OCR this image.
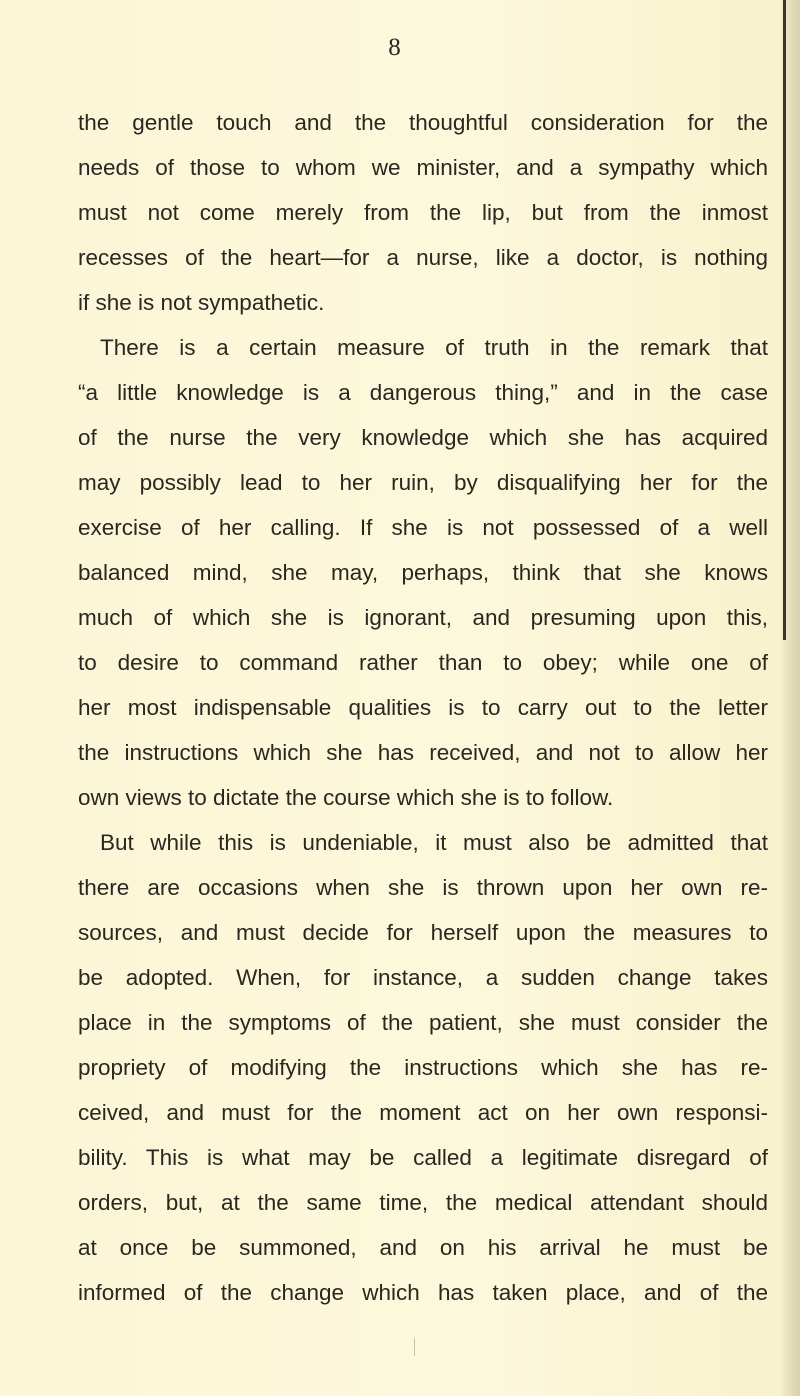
8
the gentle touch and the thoughtful consideration for the
needs of those to whom we minister, and a sympathy which
must not come merely from the lip, but from the inmost
recesses of the heart—for a nurse, like a doctor, is nothing
if she is not sympathetic.
There is a certain measure of truth in the remark that
“a little knowledge is a dangerous thing,” and in the case
of the nurse the very knowledge which she has acquired
may possibly lead to her ruin, by disqualifying her for the
exercise of her calling. If she is not possessed of a well
balanced mind, she may, perhaps, think that she knows
much of which she is ignorant, and presuming upon this,
to desire to command rather than to obey; while one of
her most indispensable qualities is to carry out to the letter
the instructions which she has received, and not to allow her
own views to dictate the course which she is to follow.
But while this is undeniable, it must also be admitted that
there are occasions when she is thrown upon her own re-
sources, and must decide for herself upon the measures to
be adopted. When, for instance, a sudden change takes
place in the symptoms of the patient, she must consider the
propriety of modifying the instructions which she has re-
ceived, and must for the moment act on her own responsi-
bility. This is what may be called a legitimate disregard of
orders, but, at the same time, the medical attendant should
at once be summoned, and on his arrival he must be
informed of the change which has taken place, and of the
